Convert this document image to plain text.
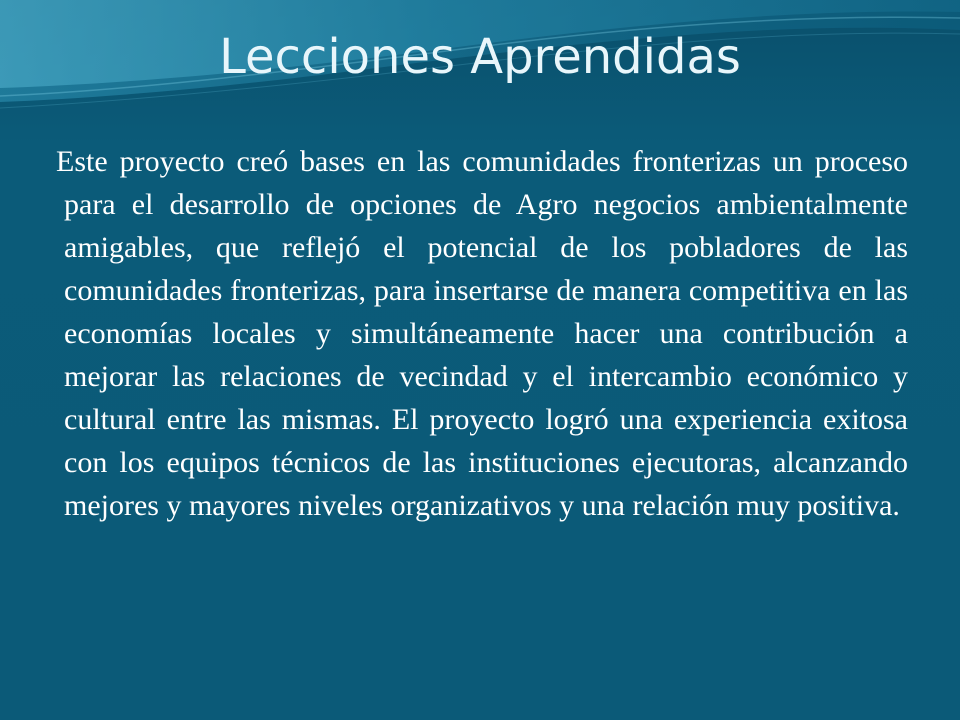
Lecciones Aprendidas

Este proyecto creó bases en las comunidades fronterizas un proceso para el desarrollo de opciones de Agro negocios ambientalmente amigables, que reflejó el potencial de los pobladores de las comunidades fronterizas, para insertarse de manera competitiva en las economías locales y simultáneamente hacer una contribución a mejorar las relaciones de vecindad y el intercambio económico y cultural entre las mismas. El proyecto logró una experiencia exitosa con los equipos técnicos de las instituciones ejecutoras, alcanzando mejores y mayores niveles organizativos y una relación muy positiva.
